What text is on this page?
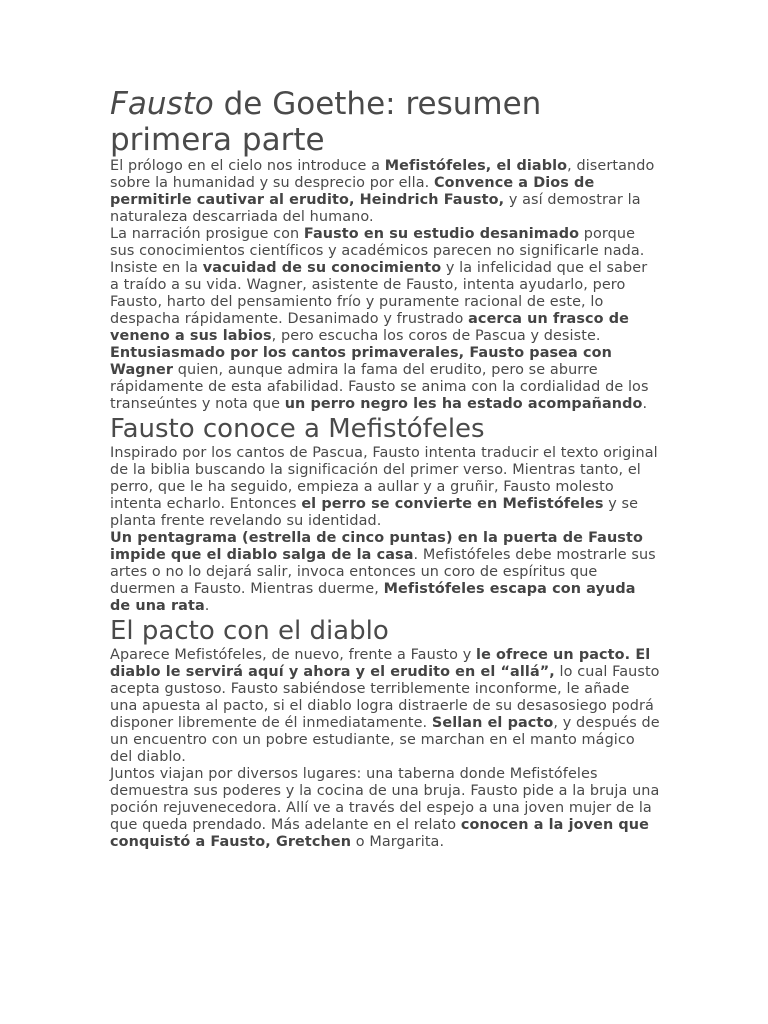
Fausto de Goethe: resumen primera parte

El prólogo en el cielo nos introduce a Mefistófeles, el diablo, disertando sobre la humanidad y su desprecio por ella. Convence a Dios de permitirle cautivar al erudito, Heindrich Fausto, y así demostrar la naturaleza descarriada del humano.

La narración prosigue con Fausto en su estudio desanimado porque sus conocimientos científicos y académicos parecen no significarle nada. Insiste en la vacuidad de su conocimiento y la infelicidad que el saber a traído a su vida. Wagner, asistente de Fausto, intenta ayudarlo, pero Fausto, harto del pensamiento frío y puramente racional de este, lo despacha rápidamente. Desanimado y frustrado acerca un frasco de veneno a sus labios, pero escucha los coros de Pascua y desiste.

Entusiasmado por los cantos primaverales, Fausto pasea con Wagner quien, aunque admira la fama del erudito, pero se aburre rápidamente de esta afabilidad. Fausto se anima con la cordialidad de los transeúntes y nota que un perro negro les ha estado acompañando.

Fausto conoce a Mefistófeles

Inspirado por los cantos de Pascua, Fausto intenta traducir el texto original de la biblia buscando la significación del primer verso. Mientras tanto, el perro, que le ha seguido, empieza a aullar y a gruñir, Fausto molesto intenta echarlo. Entonces el perro se convierte en Mefistófeles y se planta frente revelando su identidad.

Un pentagrama (estrella de cinco puntas) en la puerta de Fausto impide que el diablo salga de la casa. Mefistófeles debe mostrarle sus artes o no lo dejará salir, invoca entonces un coro de espíritus que duermen a Fausto. Mientras duerme, Mefistófeles escapa con ayuda de una rata.

El pacto con el diablo

Aparece Mefistófeles, de nuevo, frente a Fausto y le ofrece un pacto. El diablo le servirá aquí y ahora y el erudito en el “allá”, lo cual Fausto acepta gustoso. Fausto sabiéndose terriblemente inconforme, le añade una apuesta al pacto, si el diablo logra distraerle de su desasosiego podrá disponer libremente de él inmediatamente. Sellan el pacto, y después de un encuentro con un pobre estudiante, se marchan en el manto mágico del diablo.

Juntos viajan por diversos lugares: una taberna donde Mefistófeles demuestra sus poderes y la cocina de una bruja. Fausto pide a la bruja una poción rejuvenecedora. Allí ve a través del espejo a una joven mujer de la que queda prendado. Más adelante en el relato conocen a la joven que conquistó a Fausto, Gretchen o Margarita.
